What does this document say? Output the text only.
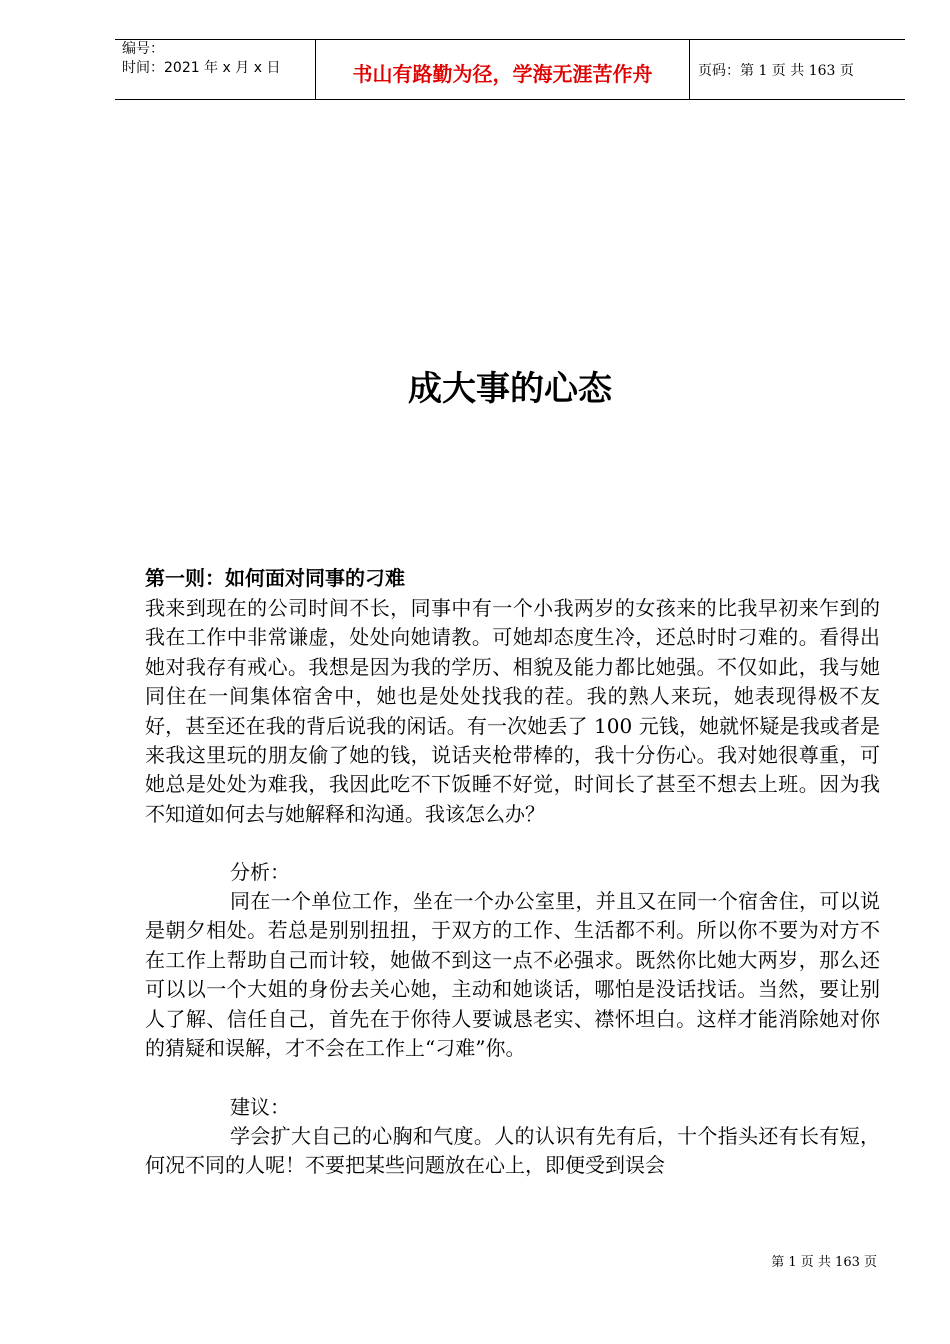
编号：
时间：2021 年 x 月 x 日	书山有路勤为径，学海无涯苦作舟	页码：第 1 页 共 163 页
成大事的心态
第一则：如何面对同事的刁难

我来到现在的公司时间不长，同事中有一个小我两岁的女孩来的比我早初来乍到的我在工作中非常谦虚，处处向她请教。可她却态度生冷，还总时时刁难的。看得出她对我存有戒心。我想是因为我的学历、相貌及能力都比她强。不仅如此，我与她同住在一间集体宿舍中，她也是处处找我的茬。我的熟人来玩，她表现得极不友好，甚至还在我的背后说我的闲话。有一次她丢了 100 元钱，她就怀疑是我或者是来我这里玩的朋友偷了她的钱，说话夹枪带棒的，我十分伤心。我对她很尊重，可她总是处处为难我，我因此吃不下饭睡不好觉，时间长了甚至不想去上班。因为我不知道如何去与她解释和沟通。我该怎么办？

分析：

同在一个单位工作，坐在一个办公室里，并且又在同一个宿舍住，可以说是朝夕相处。若总是别别扭扭，于双方的工作、生活都不利。所以你不要为对方不在工作上帮助自己而计较，她做不到这一点不必强求。既然你比她大两岁，那么还可以以一个大姐的身份去关心她，主动和她谈话，哪怕是没话找话。当然，要让别人了解、信任自己，首先在于你待人要诚恳老实、襟怀坦白。这样才能消除她对你的猜疑和误解，才不会在工作上“刁难”你。

建议：

学会扩大自己的心胸和气度。人的认识有先有后，十个指头还有长有短，何况不同的人呢！不要把某些问题放在心上，即便受到误会

第 1 页 共 163 页
